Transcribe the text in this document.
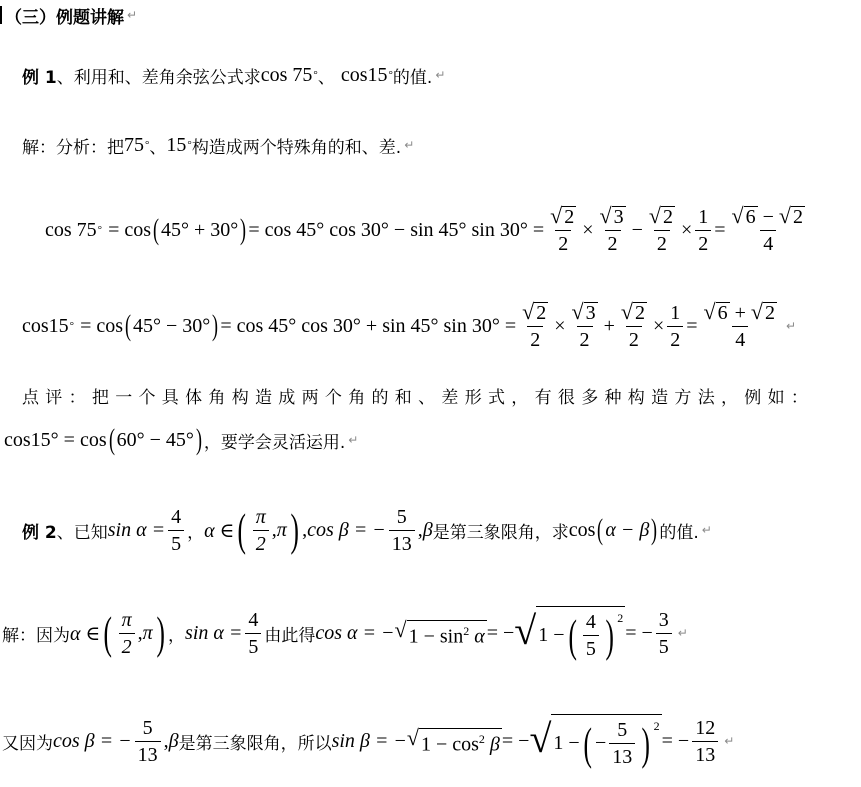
（三）例题讲解 ↵
例 1 、利用和、差角余弦公式求 cos 75 ° 、 cos15 ° 的值. ↵
解：分析：把 75 ° 、 15 ° 构造成两个特殊角的和、差. ↵
cos 75 ° = cos ( 45° + 30° ) = cos 45° cos 30° − sin 45° $\sin 30^\circ = \frac{√ 2}{2} \times \frac{√ 3}{2} - \frac{√ 2}{2} \times \frac{1}{2} = \frac{√ 6 - √ 2}{4}$
cos15 ° = cos ( 45° − 30° ) = cos 45° cos 30° + sin 45° $\sin 30^\circ = \frac{√ 2}{2} \times \frac{√ 3}{2} + \frac{√ 2}{2} \times \frac{1}{2} = \frac{√ 6 + √ 2}{4}$ ↵
点评：把一个具体角构造成两个角的和、差形式，有很多种构造方法，例如：
cos15° = cos ( 60° − 45° ) ，要学会灵活运用. ↵
例 2 、已知 $\sin \alpha = \frac{4}{5}$ ， α ∈ ( $\frac{\pi}{2}$ , π ) , cos β = − $\frac{5}{13}$ , β 是第三象限角，求 cos ( α − β ) 的值. ↵
解：因为 α ∈ ( $\frac{\pi}{2}$ , π ) ， $\sin \alpha = \frac{4}{5}$ 由此得 cos α = − √ $1 - \sin^2 \alpha$ = − √ 1 − ( $\frac{4}{5}$ ) $^2$
= − $\frac{3}{5}$ ↵
又因为 cos β = − $\frac{5}{13}$ , β 是第三象限角，所以 sin β = − √ $1 - \cos^2 \beta$ = − √ 1 − ( − $\frac{5}{13}$ ) $^2$
= − $\frac{12}{13}$ ↵
